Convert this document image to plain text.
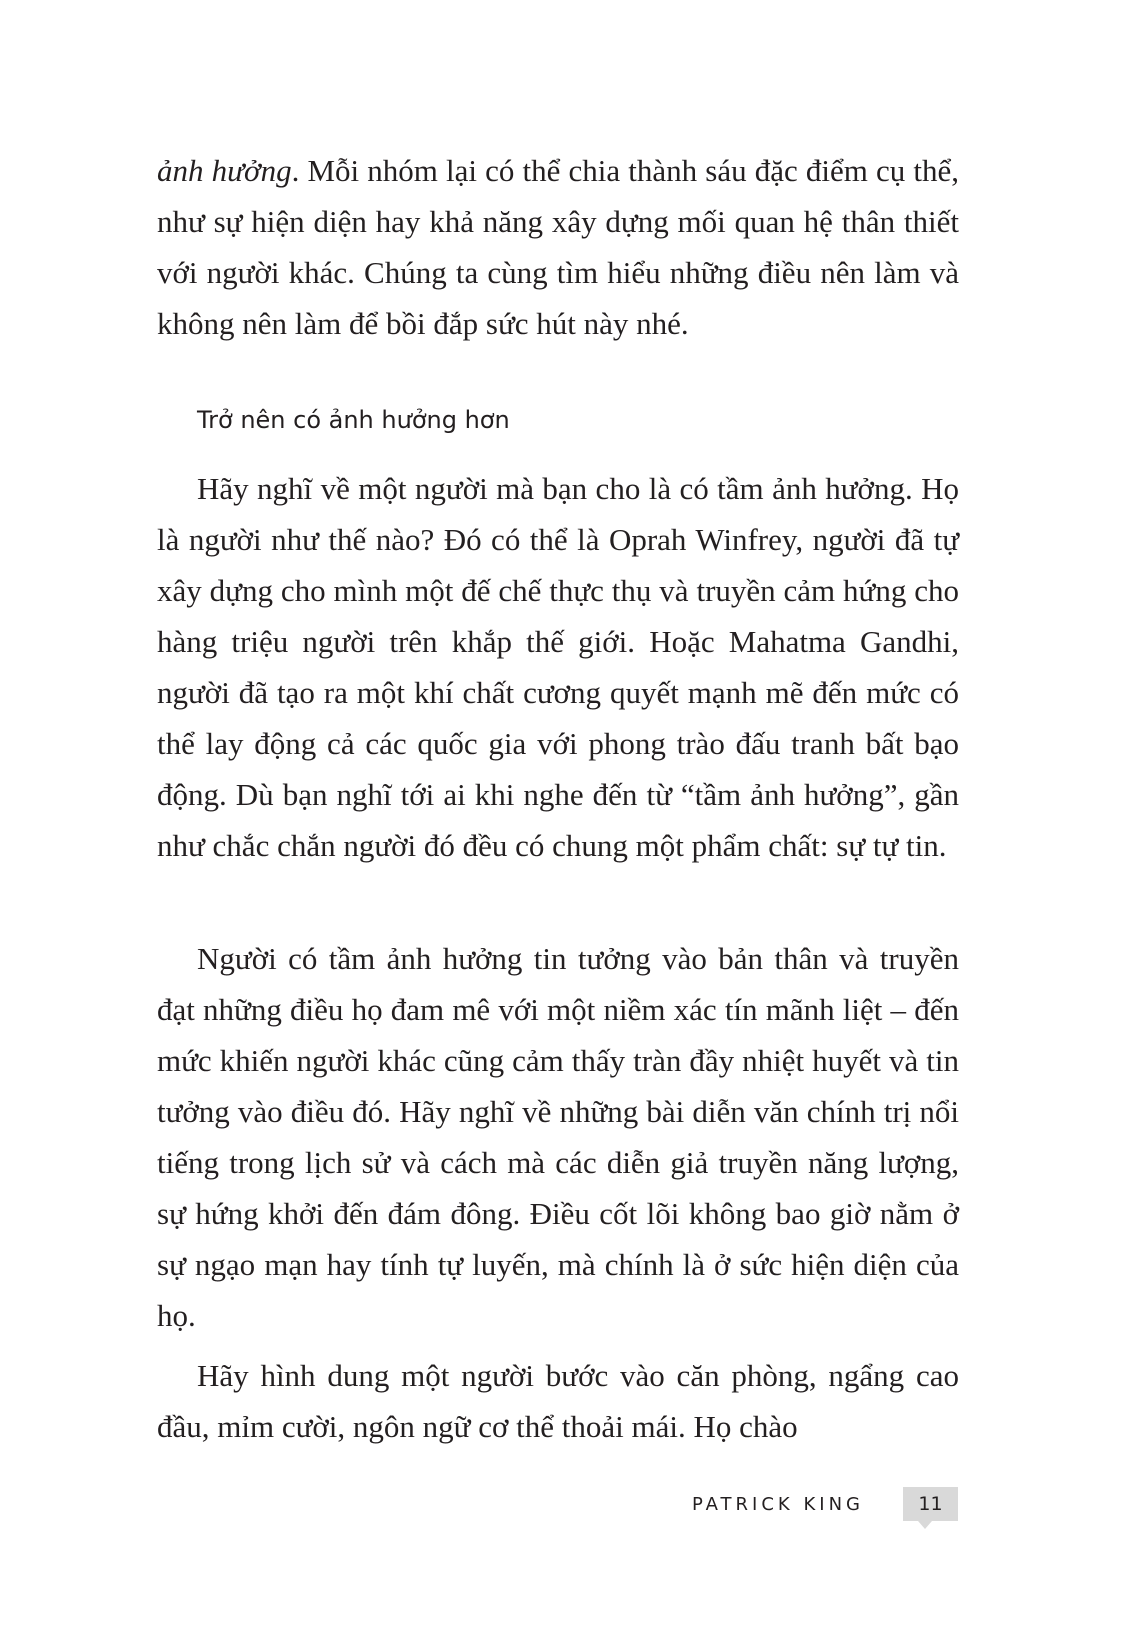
ảnh hưởng. Mỗi nhóm lại có thể chia thành sáu đặc điểm cụ thể, như sự hiện diện hay khả năng xây dựng mối quan hệ thân thiết với người khác. Chúng ta cùng tìm hiểu những điều nên làm và không nên làm để bồi đắp sức hút này nhé.

Trở nên có ảnh hưởng hơn

Hãy nghĩ về một người mà bạn cho là có tầm ảnh hưởng. Họ là người như thế nào? Đó có thể là Oprah Winfrey, người đã tự xây dựng cho mình một đế chế thực thụ và truyền cảm hứng cho hàng triệu người trên khắp thế giới. Hoặc Mahatma Gandhi, người đã tạo ra một khí chất cương quyết mạnh mẽ đến mức có thể lay động cả các quốc gia với phong trào đấu tranh bất bạo động. Dù bạn nghĩ tới ai khi nghe đến từ “tầm ảnh hưởng”, gần như chắc chắn người đó đều có chung một phẩm chất: sự tự tin.

Người có tầm ảnh hưởng tin tưởng vào bản thân và truyền đạt những điều họ đam mê với một niềm xác tín mãnh liệt – đến mức khiến người khác cũng cảm thấy tràn đầy nhiệt huyết và tin tưởng vào điều đó. Hãy nghĩ về những bài diễn văn chính trị nổi tiếng trong lịch sử và cách mà các diễn giả truyền năng lượng, sự hứng khởi đến đám đông. Điều cốt lõi không bao giờ nằm ở sự ngạo mạn hay tính tự luyến, mà chính là ở sức hiện diện của họ.

Hãy hình dung một người bước vào căn phòng, ngẩng cao đầu, mỉm cười, ngôn ngữ cơ thể thoải mái. Họ chào

PATRICK KING	11
